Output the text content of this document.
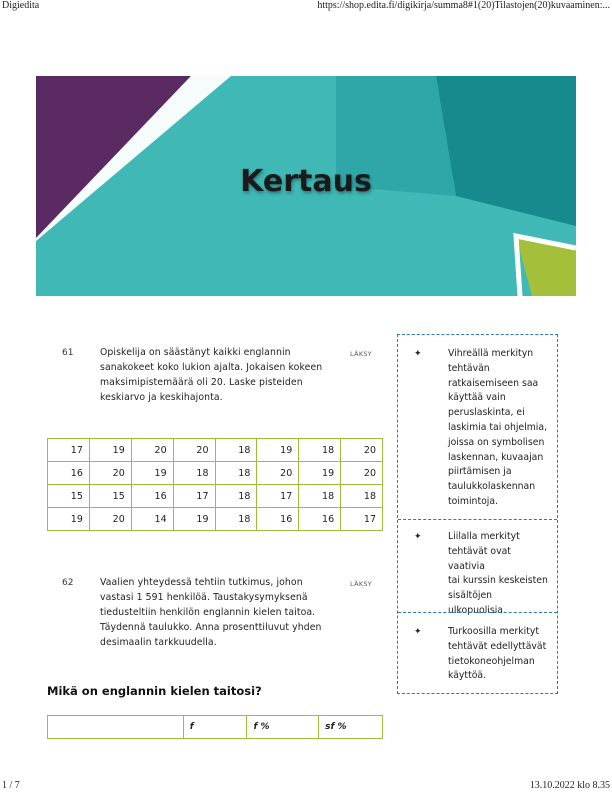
Digiedita	https://shop.edita.fi/digikirja/summa8#1(20)Tilastojen(20)kuvaaminen:...
Kertaus
61	LÄKSY
Opiskelija on säästänyt kaikki englannin
sanakokeet koko lukion ajalta. Jokaisen kokeen
maksimipistemäärä oli 20. Laske pisteiden
keskiarvo ja keskihajonta.
17	19	20	20	18	19	18	20
16	20	19	18	18	20	19	20
15	15	16	17	18	17	18	18
19	20	14	19	18	16	16	17
62	LÄKSY
Vaalien yhteydessä tehtiin tutkimus, johon
vastasi 1 591 henkilöä. Taustakysymyksenä
tiedusteltiin henkilön englannin kielen taitoa.
Täydennä taulukko. Anna prosenttiluvut yhden
desimaalin tarkkuudella.
Mikä on englannin kielen taitosi?
	f	f %	sf %
✦	Vihreällä merkityn
tehtävän
ratkaisemiseen saa
käyttää vain
peruslaskinta, ei
laskimia tai ohjelmia,
joissa on symbolisen
laskennan, kuvaajan
piirtämisen ja
taulukkolaskennan
toimintoja.
✦	Liilalla merkityt
tehtävät ovat vaativia
tai kurssin keskeisten
sisältöjen
ulkopuolisia.
✦	Turkoosilla merkityt
tehtävät edellyttävät
tietokoneohjelman
käyttöä.
1 / 7	13.10.2022 klo 8.35
